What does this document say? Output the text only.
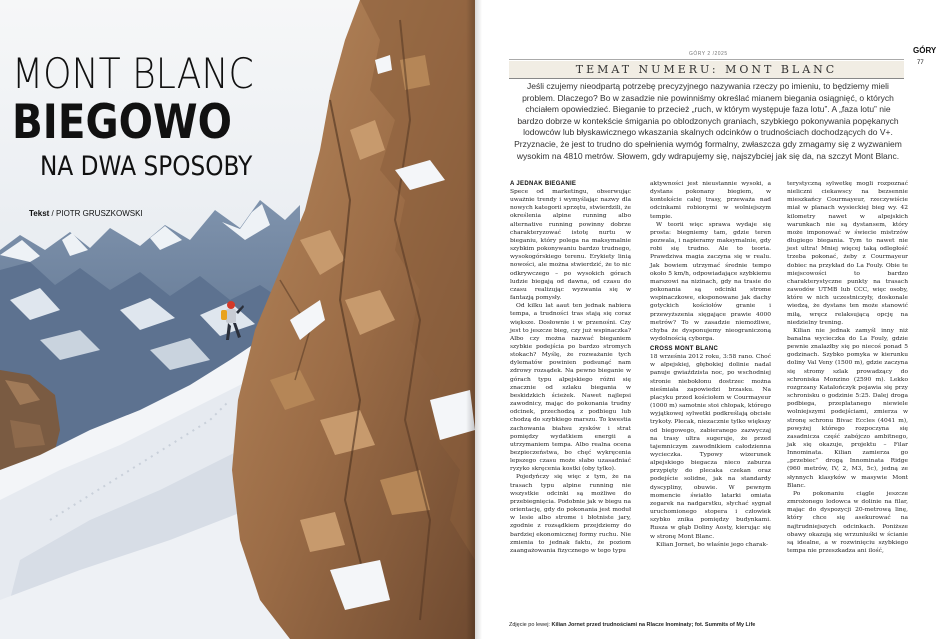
MONT BLANC
BIEGOWO
NA DWA SPOSOBY
Tekst / PIOTR GRUSZKOWSKI
GÓRY 2 /2025	GÓRY
77
TEMAT NUMERU: MONT BLANC

Jeśli czujemy nieodpartą potrzebę precyzyjnego nazywania rzeczy po imieniu, to będziemy mieli problem. Dlaczego? Bo w zasadzie nie powinniśmy określać mianem biegania osiągnięć, o których chciałem opowiedzieć. Bieganie to przecież „ruch, w którym występuje faza lotu”. A „faza lotu” nie bardzo dobrze w kontekście śmigania po oblodzonych graniach, szybkiego pokonywania popękanych lodowców lub błyskawicznego wkaszania skalnych odcinków o trudnościach dochodzących do V+. Przyznacie, że jest to trudno do spełnienia wymóg formalny, zwłaszcza gdy zmagamy się z wyzwaniem wysokim na 4810 metrów. Słowem, gdy wdrapujemy się, najszybciej jak się da, na szczyt Mont Blanc.

A JEDNAK BIEGANIE

Spece od marketingu, obserwując uważnie trendy i wymyślając nazwy dla nowych kategorii sprzętu, stwierdzili, że określenia alpine running albo alternative running powinny dobrze charakteryzować istotę nurtu w bieganiu, który polega na maksymalnie szybkim pokonywaniu bardzo trudnego, wysokogórskiego terenu. Erykiety linią nowości, ale można stwierdzić, że to nic odkrywczego – po wysokich górach ludzie biegają od dawna, od czasu do czasu realizując wyzwania się w fantazją pomysły.

Od kilku lat aaut ten jednak nabiera tempa, a trudności tras stają się coraz większe. Dosłownie i w przenośni. Czy jest to jeszcze bieg, czy już wspinaczka? Albo czy można nazwać bieganiem szybkie podejścia po bardzo stromych stokach? Myślę, że rozważanie tych dylematów powinien podsunąć nam zdrowy rozsądek. Na pewno bieganie w górach typu alpejskiego różni się znacznie od szlaku biegania w beskidzkich ścieżek. Nawet najlepsi zawodnicy, mając do pokonania trudny odcinek, przechodzą z podbiegu lub chodzą do szybkiego marszu. To kwestia zachowania biahsu zysków i strat pomiędzy wydatkiem energii a utrzymaniem tempa. Albo realna ocena bezpieczeństwa, bo chęć wykręcenia lepszego czasu może słabo uzasadniać ryzyko skręcenia kostki (oby tylko).

Pojedyńczy się więc z tym, że na trasach typu alpine running nie wszystkie odcinki są możliwe do przebiegnięcia. Podobnie jak w biegu na orientację, gdy do pokonania jest moduł w lesie albo strome i błotniste jary, zgodnie z rozsądkiem przejdziemy do bardziej ekonomicznej formy ruchu. Nie zmienia to jednak faktu, że poziom zaangażowania fizycznego w tego typu

aktywności jest nieustannie wysoki, a dystans pokonany biegiem, w kontekście całej trasy, przeważa nad odcinkami robionymi w wolniejszym tempie.

W teorii więc sprawa wydaje się prosta: biegniemy tam, gdzie teren pozwala, i napieramy maksymalnie, gdy robi się trudno. Ale to teoria. Prawdziwa magia zaczyna się w realu. Jak bowiem utrzymać średnie tempo około 5 km/h, odpowiadające szybkiemu marszowi na nizinach, gdy na trasie do pokonania są odcinki strome wspinaczkowe, eksponowane jak dachy gotyckich kościołów granie i przewyższenia sięgające prawie 4000 metrów? To w zasadzie niemożliwe, chyba że dysponujemy nieograniczoną wydolnością cyborga.

CROSS MONT BLANC

18 września 2012 roku, 3:58 rano. Choć w alpejskiej, głębokiej dolinie nadal panuje gwiaździsta noc, po wschodniej stronie niebokłonu dostrzec można nieśmiała zapowiedzi brzasku. Na placyku przed kościołem w Courmayeur (1000 m) samotnie stoi chłopak, którego wyjątkowej sylwetki podkreślają obcisłe trykoty. Plecak, niezacznie tylko większy od biegowego, zabieranego zazwyczaj na trasy ultra sugeruje, że przed tajemniczym zawodnikiem całodzienna wycieczka. Typowy wizerunek alpejskiego biegacza nieco zaburza przypięty do plecaka czekan oraz podejście solidne, jak na standardy dyscypliny, obuwie. W pewnym momencie światło latarki omiata zegarek na nadgarstku, słychać sygnał uruchomionego stopera i człowiek szybko znika pomiędzy budynkami. Rusza w głąb Doliny Aosty, kierując się w stronę Mont Blanc.

Kilian Jornet, bo właśnie jego charak-

terystyczną sylwetkę mogli rozpoznać nieliczni ciekawscy na bezsennie mieszkańcy Courmayeur, rzeczywiście miał w planach wysieckiej bieg wy. 42 kilometry nawet w alpejskich warunkach nie są dystansem, który może imponować w świecie mistrzów długiego biegania. Tym to nawet nie jest ultra! Mniej więcej taką odległość trzeba pokonać, żeby z Courmayeur dobiec na przykład do La Fouly. Obie te miejscowości to bardzo charakterystyczne punkty na trasach zawodów UTMB lub CCC, więc osoby, które w nich uczestniczyły, doskonale wiedzą, że dystans ten może stanowić miłą, wręcz relaksującą opcję na niedzielny trening.

Kilian nie jednak zamyśl inny niż banalna wycieczka do La Fouly, gdzie pewnie znalazłby się po niecoś ponad 5 godzinach. Szybko pomyka w kierunku doliny Val Veny (1500 m), gdzie zaczyna się stromy szlak prowadzący do schroniska Monzino (2590 m). Lekko rozgrzany Katalończyk pojawia się przy schronisku o godzinie 5:25. Dalej droga podbiega, przeplatanego niewiele wolniejszymi podejściami, zmierza w stronę schronu Bivac Eccles (4041 m), powyżej którego rozpoczyna się zasadnicza część zabójczo ambitnego, jak się okazuje, projektu – Filar Innominata. Kilian zamierza go „przebiec” drogą Innominata Ridge (960 metrów, IV, 2, M3, 5c), jedną ze słynnych klasyków w masywie Mont Blanc.

Po pokonaniu ciągle jeszcze zmrożonego lodowca w dolinie na filar, mając do dyspozycji 20-metrową linę, który chce się asekurować na najtrudniejszych odcinkach. Poniższe obawy okazują się wrzuniuśki w ścianie są idealne, a w rozwinięciu szybkiego tempa nie przeszkadza ani ilość,

Zdjęcie po lewej: Kilian Jornet przed trudnościami na Rlacze Inominaty; fot. Summits of My Life
